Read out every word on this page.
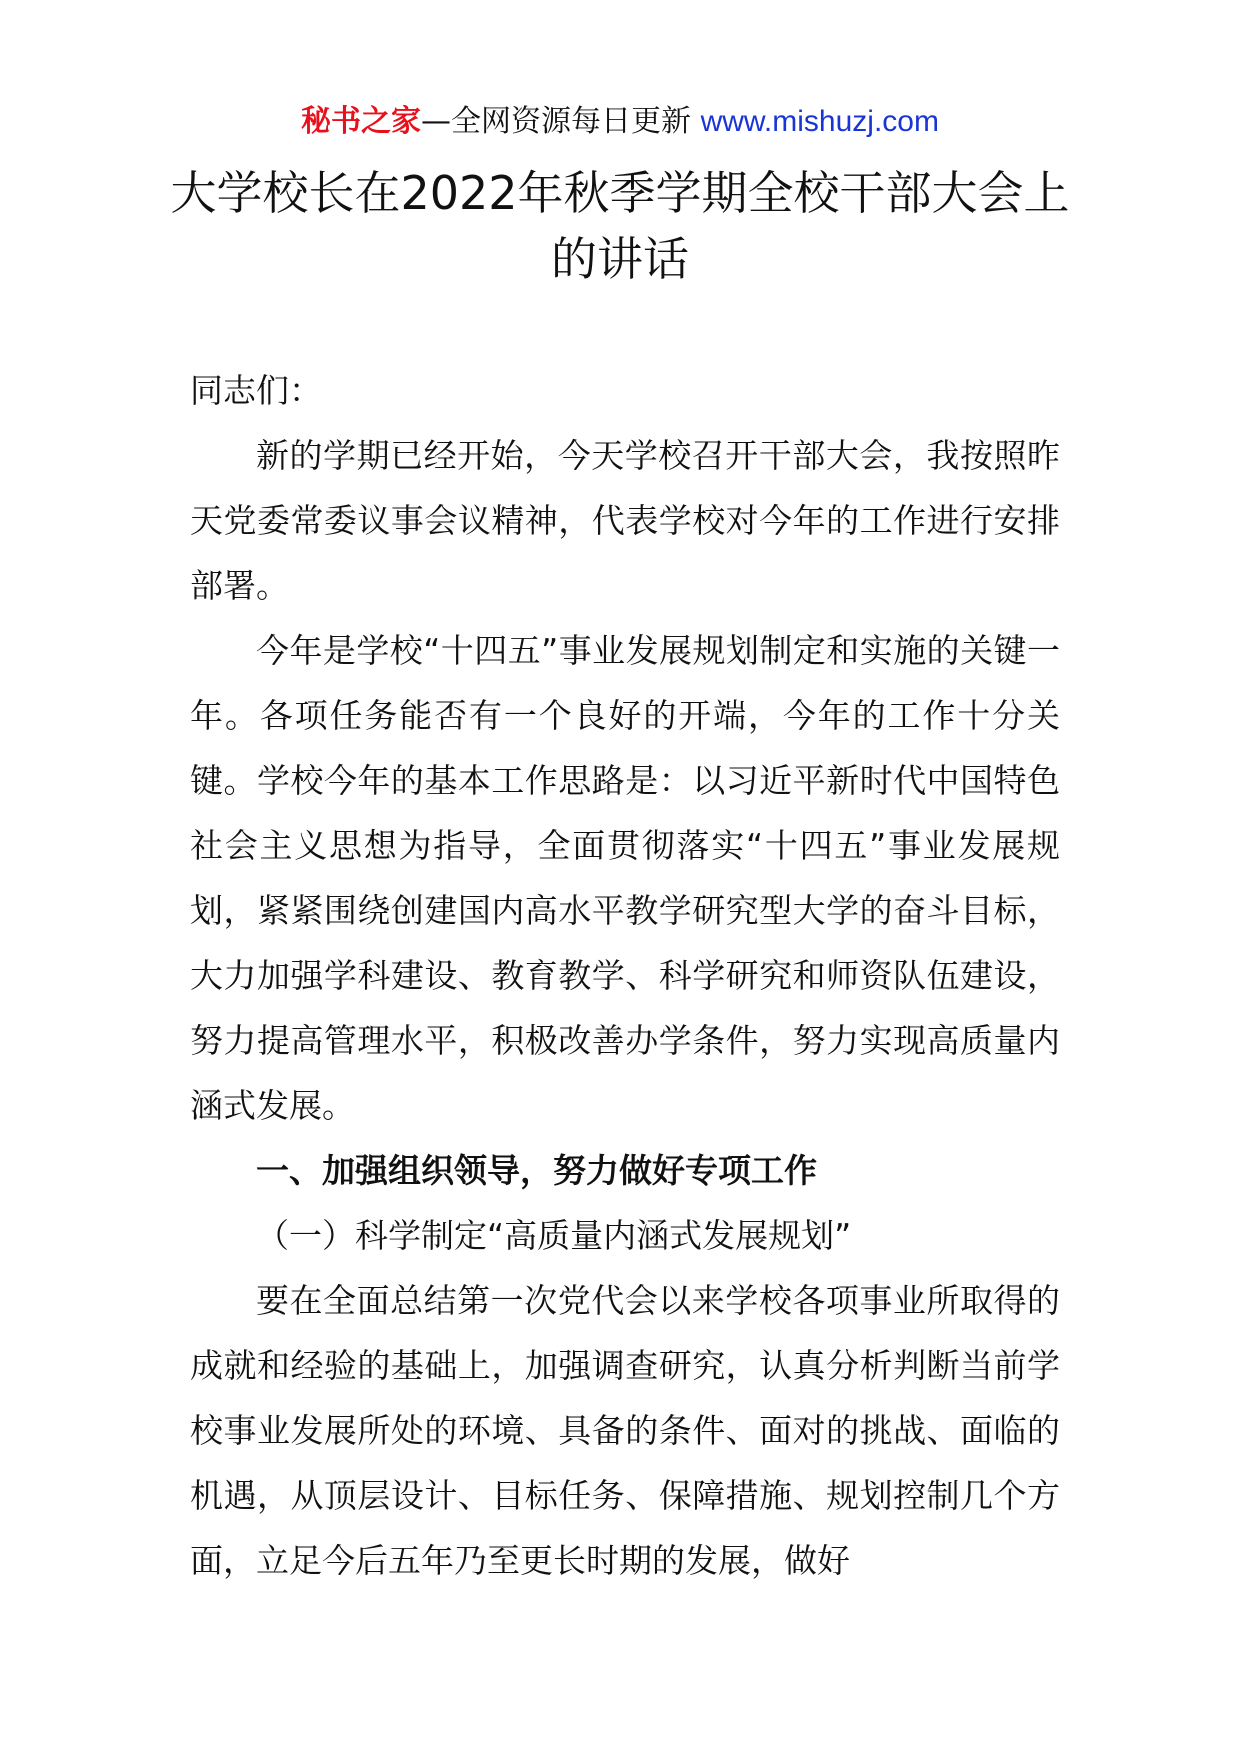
秘书之家—全网资源每日更新 www.mishuzj.com
大学校长在2022年秋季学期全校干部大会上的讲话

同志们：

新的学期已经开始，今天学校召开干部大会，我按照昨天党委常委议事会议精神，代表学校对今年的工作进行安排部署。

今年是学校“十四五”事业发展规划制定和实施的关键一年。各项任务能否有一个良好的开端，今年的工作十分关键。学校今年的基本工作思路是：以习近平新时代中国特色社会主义思想为指导，全面贯彻落实“十四五”事业发展规划，紧紧围绕创建国内高水平教学研究型大学的奋斗目标，大力加强学科建设、教育教学、科学研究和师资队伍建设，努力提高管理水平，积极改善办学条件，努力实现高质量内涵式发展。

一、加强组织领导，努力做好专项工作

（一）科学制定“高质量内涵式发展规划”

要在全面总结第一次党代会以来学校各项事业所取得的成就和经验的基础上，加强调查研究，认真分析判断当前学校事业发展所处的环境、具备的条件、面对的挑战、面临的机遇，从顶层设计、目标任务、保障措施、规划控制几个方面，立足今后五年乃至更长时期的发展，做好
